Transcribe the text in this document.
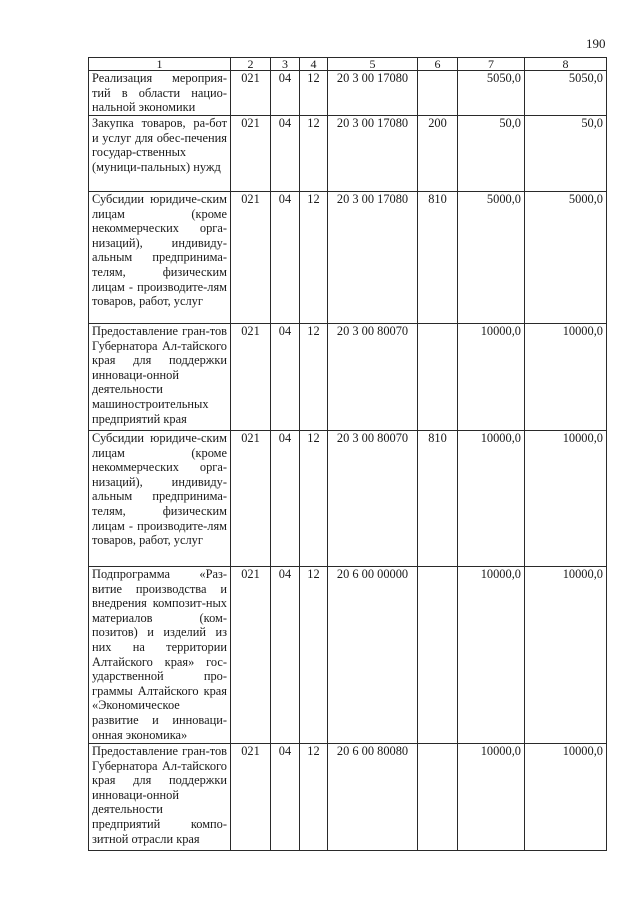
190
1	2	3	4	5	6	7	8
Реализация мероприя-тий в области нацио-нальной экономики	021	04	12	20 3 00 17080		5050,0	5050,0
Закупка товаров, ра-бот и услуг для обес-печения государ-ственных (муници-пальных) нужд	021	04	12	20 3 00 17080	200	50,0	50,0
Субсидии юридиче-ским лицам (кроме некоммерческих орга-низаций), индивиду-альным предпринима-телям, физическим лицам - производите-лям товаров, работ, услуг	021	04	12	20 3 00 17080	810	5000,0	5000,0
Предоставление гран-тов Губернатора Ал-тайского края для поддержки инноваци-онной деятельности машиностроительных предприятий края	021	04	12	20 3 00 80070		10000,0	10000,0
Субсидии юридиче-ским лицам (кроме некоммерческих орга-низаций), индивиду-альным предпринима-телям, физическим лицам - производите-лям товаров, работ, услуг	021	04	12	20 3 00 80070	810	10000,0	10000,0
Подпрограмма «Раз-витие производства и внедрения композит-ных материалов (ком-позитов) и изделий из них на территории Алтайского края» гос-ударственной про-граммы Алтайского края «Экономическое развитие и инноваци-онная экономика»	021	04	12	20 6 00 00000		10000,0	10000,0
Предоставление гран-тов Губернатора Ал-тайского края для поддержки инноваци-онной деятельности предприятий компо-зитной отрасли края	021	04	12	20 6 00 80080		10000,0	10000,0
